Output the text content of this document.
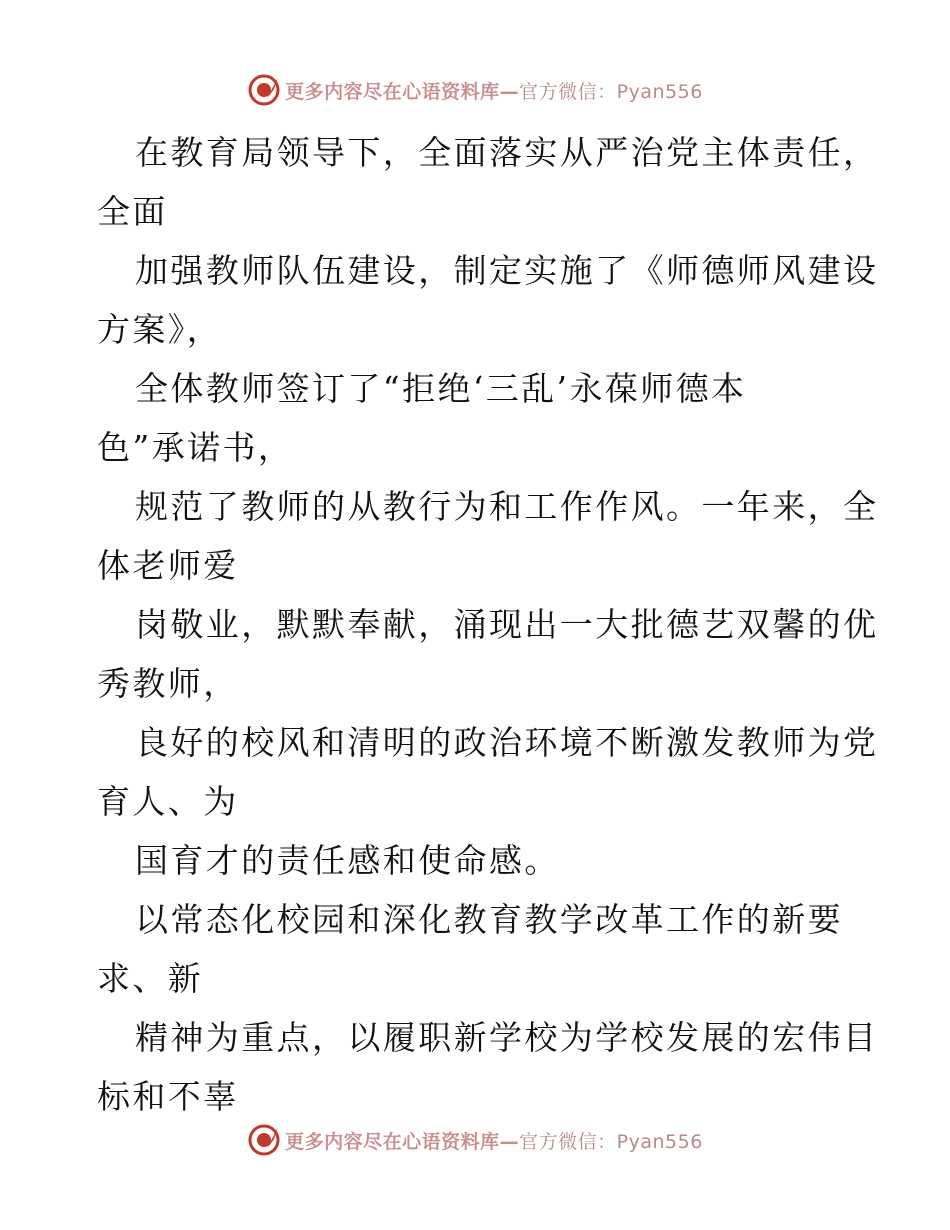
更多内容尽在心语资料库—官方微信：Pyan556
在教育局领导下，全面落实从严治党主体责任，
全面
加强教师队伍建设，制定实施了《师德师风建设
方案》，
全体教师签订了“拒绝‘三乱’永葆师德本
色”承诺书，
规范了教师的从教行为和工作作风。一年来，全
体老师爱
岗敬业，默默奉献，涌现出一大批德艺双馨的优
秀教师，
良好的校风和清明的政治环境不断激发教师为党
育人、为
国育才的责任感和使命感。
以常态化校园和深化教育教学改革工作的新要
求、新
精神为重点，以履职新学校为学校发展的宏伟目
标和不辜
更多内容尽在心语资料库—官方微信：Pyan556
